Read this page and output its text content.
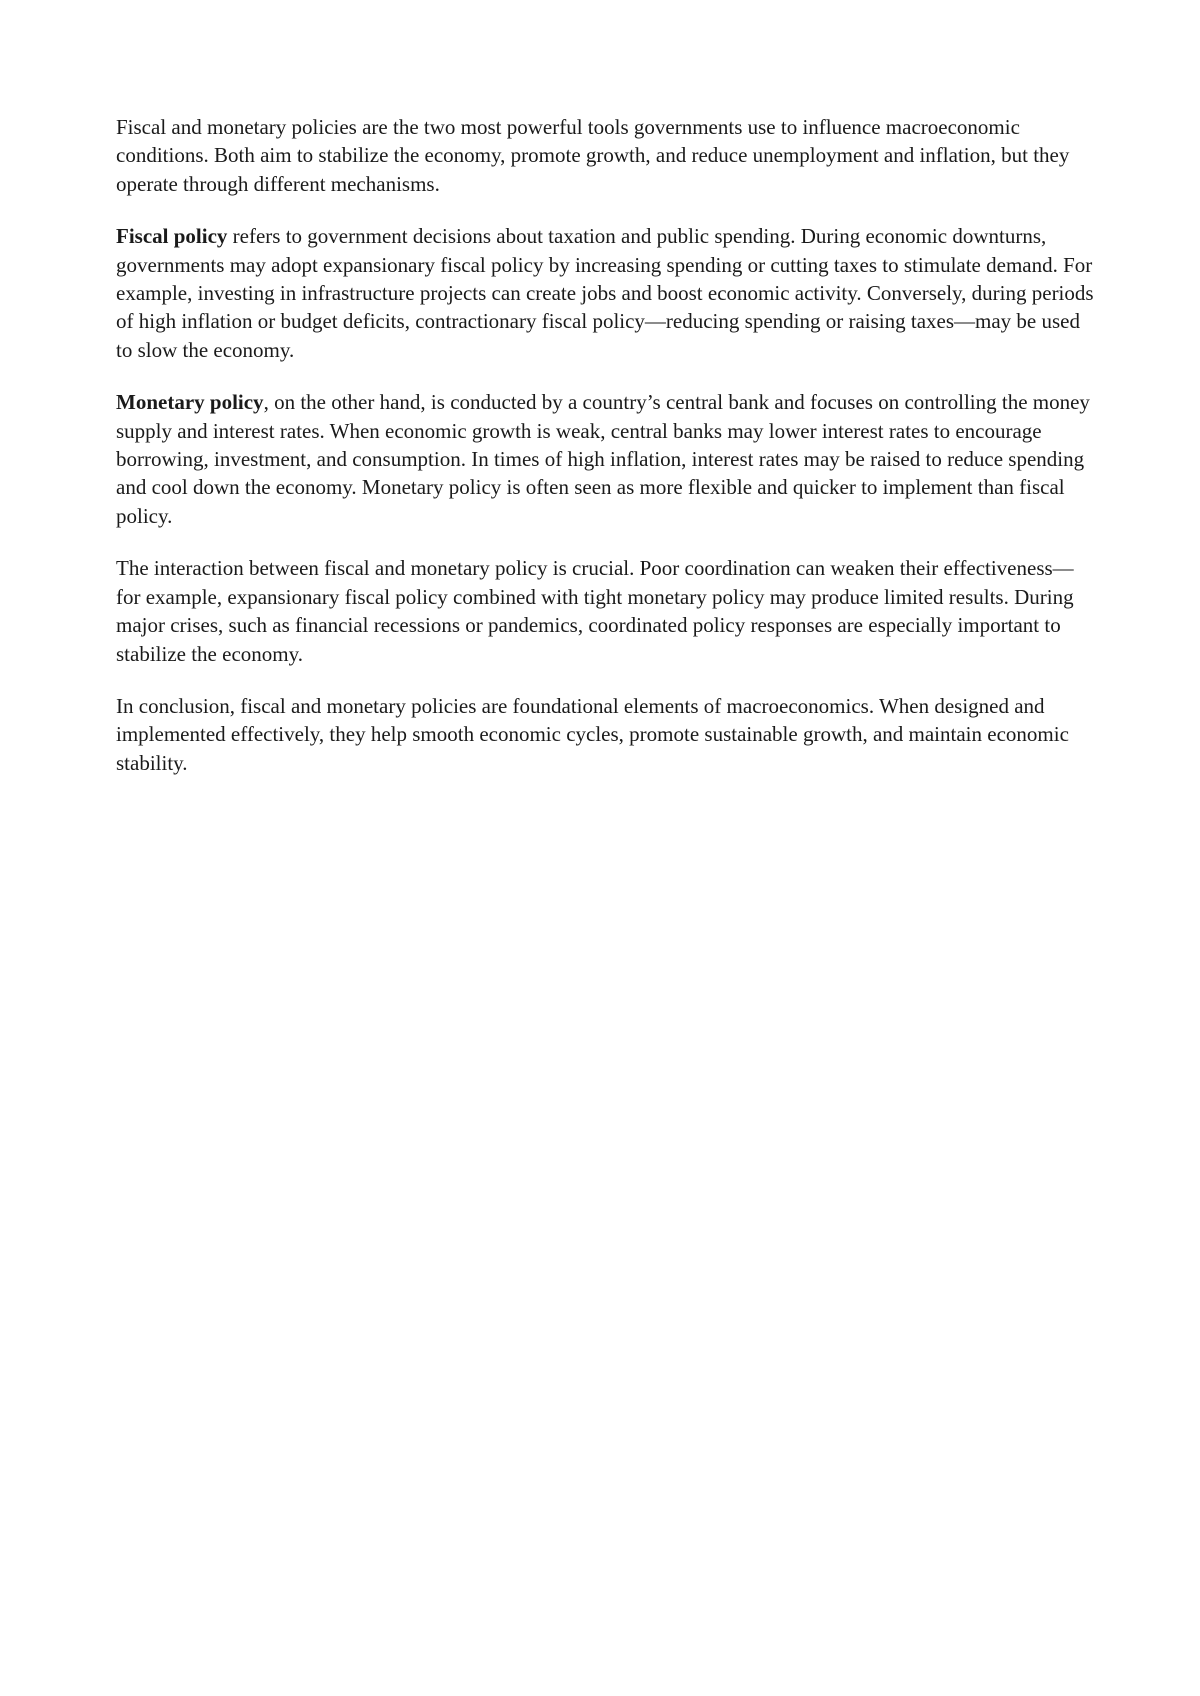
Fiscal and monetary policies are the two most powerful tools governments use to influence macroeconomic conditions. Both aim to stabilize the economy, promote growth, and reduce unemployment and inflation, but they operate through different mechanisms.

Fiscal policy refers to government decisions about taxation and public spending. During economic downturns, governments may adopt expansionary fiscal policy by increasing spending or cutting taxes to stimulate demand. For example, investing in infrastructure projects can create jobs and boost economic activity. Conversely, during periods of high inflation or budget deficits, contractionary fiscal policy—reducing spending or raising taxes—may be used to slow the economy.

Monetary policy, on the other hand, is conducted by a country’s central bank and focuses on controlling the money supply and interest rates. When economic growth is weak, central banks may lower interest rates to encourage borrowing, investment, and consumption. In times of high inflation, interest rates may be raised to reduce spending and cool down the economy. Monetary policy is often seen as more flexible and quicker to implement than fiscal policy.

The interaction between fiscal and monetary policy is crucial. Poor coordination can weaken their effectiveness—for example, expansionary fiscal policy combined with tight monetary policy may produce limited results. During major crises, such as financial recessions or pandemics, coordinated policy responses are especially important to stabilize the economy.

In conclusion, fiscal and monetary policies are foundational elements of macroeconomics. When designed and implemented effectively, they help smooth economic cycles, promote sustainable growth, and maintain economic stability.
